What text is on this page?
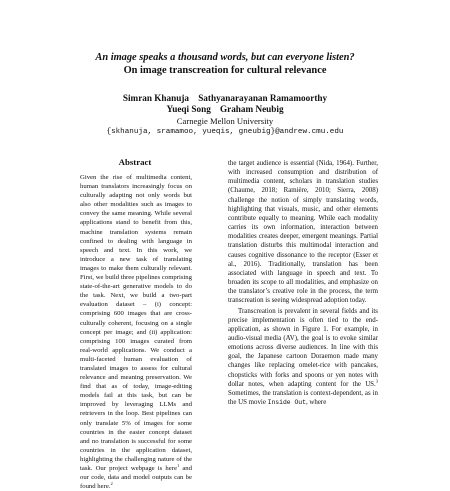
An image speaks a thousand words, but can everyone listen?
On image transcreation for cultural relevance
Simran Khanuja    Sathyanarayanan Ramamoorthy
Yueqi Song    Graham Neubig
Carnegie Mellon University
{skhanuja, sramamoo, yueqis, gneubig}@andrew.cmu.edu
Abstract
Given the rise of multimedia content, human translators increasingly focus on culturally adapting not only words but also other modalities such as images to convey the same meaning. While several applications stand to benefit from this, machine translation systems remain confined to dealing with language in speech and text. In this work, we introduce a new task of translating images to make them culturally relevant. First, we build three pipelines comprising state-of-the-art generative models to do the task. Next, we build a two-part evaluation dataset – (i) concept: comprising 600 images that are cross-culturally coherent, focusing on a single concept per image; and (ii) application: comprising 100 images curated from real-world applications. We conduct a multi-faceted human evaluation of translated images to assess for cultural relevance and meaning preservation. We find that as of today, image-editing models fail at this task, but can be improved by leveraging LLMs and retrievers in the loop. Best pipelines can only translate 5% of images for some countries in the easier concept dataset and no translation is successful for some countries in the application dataset, highlighting the challenging nature of the task. Our project webpage is here$^1$ and our code, data and model outputs can be found here.$^2$

the target audience is essential (Nida, 1964). Further, with increased consumption and distribution of multimedia content, scholars in translation studies (Chaume, 2018; Ramière, 2010; Sierra, 2008) challenge the notion of simply translating words, highlighting that visuals, music, and other elements contribute equally to meaning. While each modality carries its own information, interaction between modalities creates deeper, emergent meanings. Partial translation disturbs this multimodal interaction and causes cognitive dissonance to the receptor (Esser et al., 2016). Traditionally, translation has been associated with language in speech and text. To broaden its scope to all modalities, and emphasize on the translator’s creative role in the process, the term transcreation is seeing widespread adoption today.

Transcreation is prevalent in several fields and its precise implementation is often tied to the end-application, as shown in Figure 1. For example, in audio-visual media (AV), the goal is to evoke similar emotions across diverse audiences. In line with this goal, the Japanese cartoon Doraemon made many changes like replacing omelet-rice with pancakes, chopsticks with forks and spoons or yen notes with dollar notes, when adapting content for the US.$^3$ Sometimes, the translation is context-dependent, as in the US movie Inside Out, where
